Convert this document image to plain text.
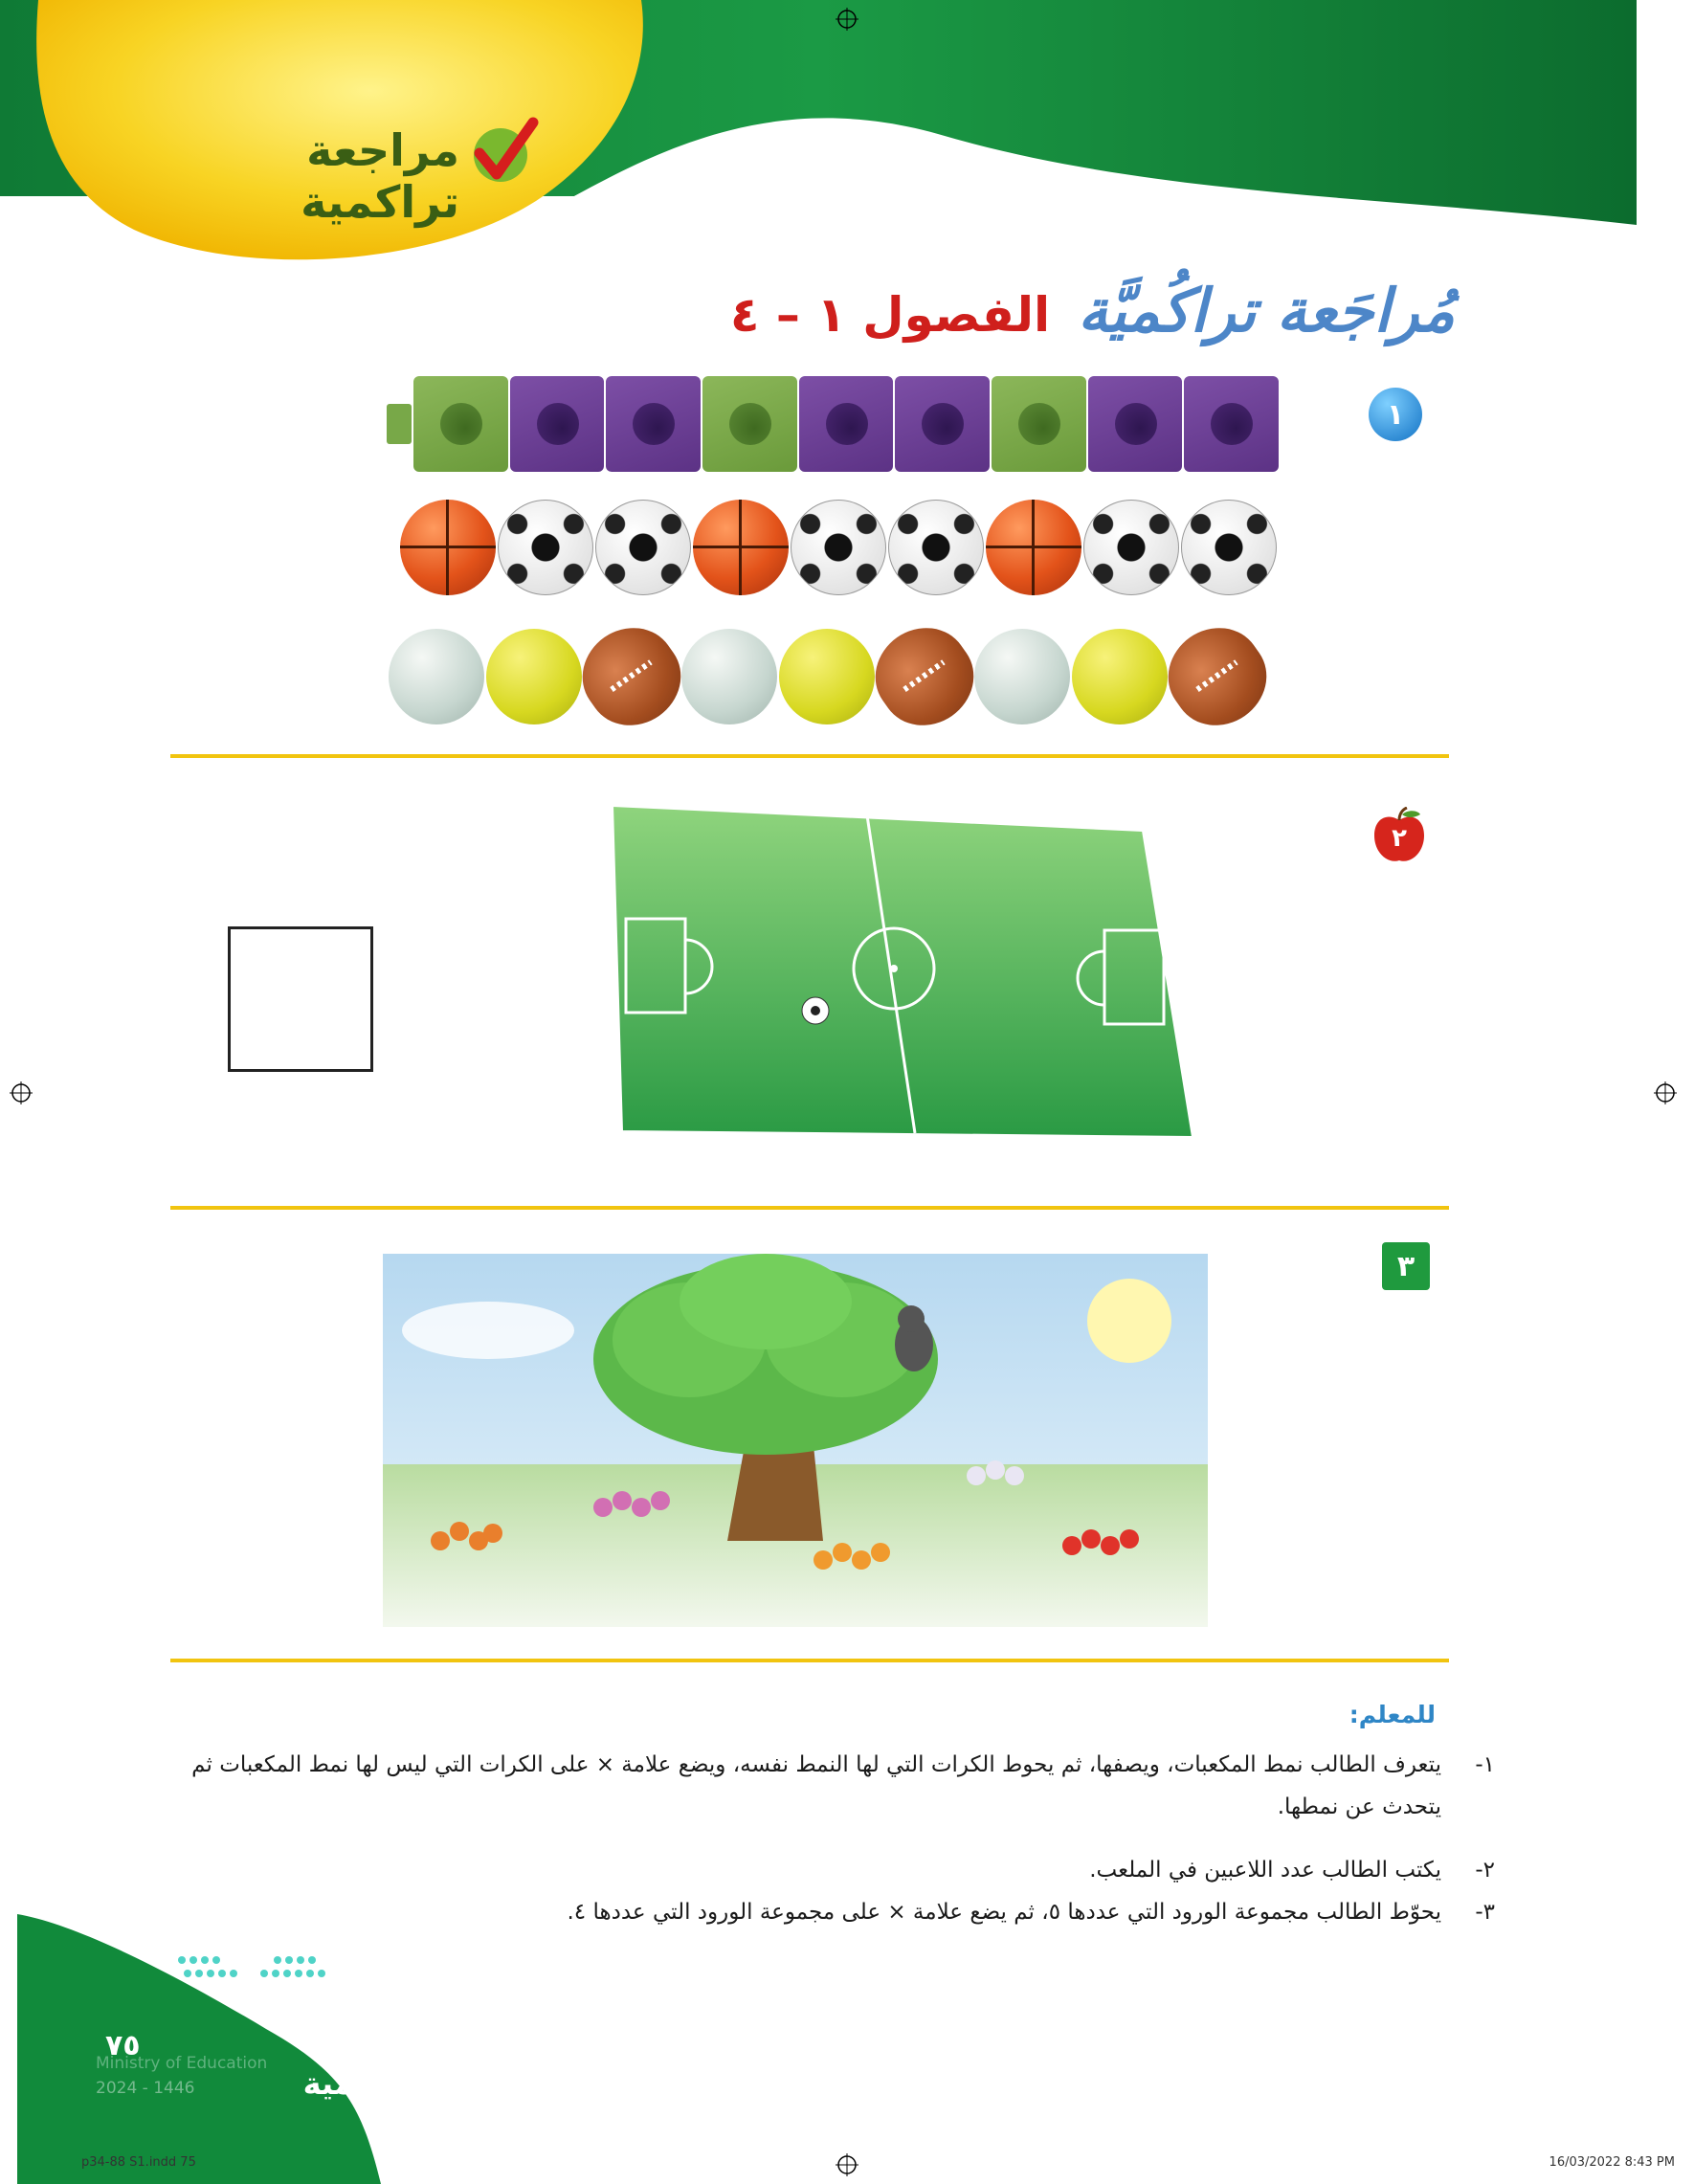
مراجعة تراكمية
مُراجَعة تراكُميَّة الفصول ١ – ٤
١
٢
٣
للمعلم:
١-
يتعرف الطالب نمط المكعبات، ويصفها، ثم يحوط الكرات التي لها النمط نفسه، ويضع علامة × على الكرات التي ليس لها نمط المكعبات ثم يتحدث عن نمطها.
٢-
يكتب الطالب عدد اللاعبين في الملعب.
٣-
يحوّط الطالب مجموعة الورود التي عددها ٥، ثم يضع علامة × على مجموعة الورود التي عددها ٤.
مراجعة تراكمية
٧٥
Ministry of Education
2024 - 1446
p34-88 S1.indd 75	16/03/2022 8:43 PM
